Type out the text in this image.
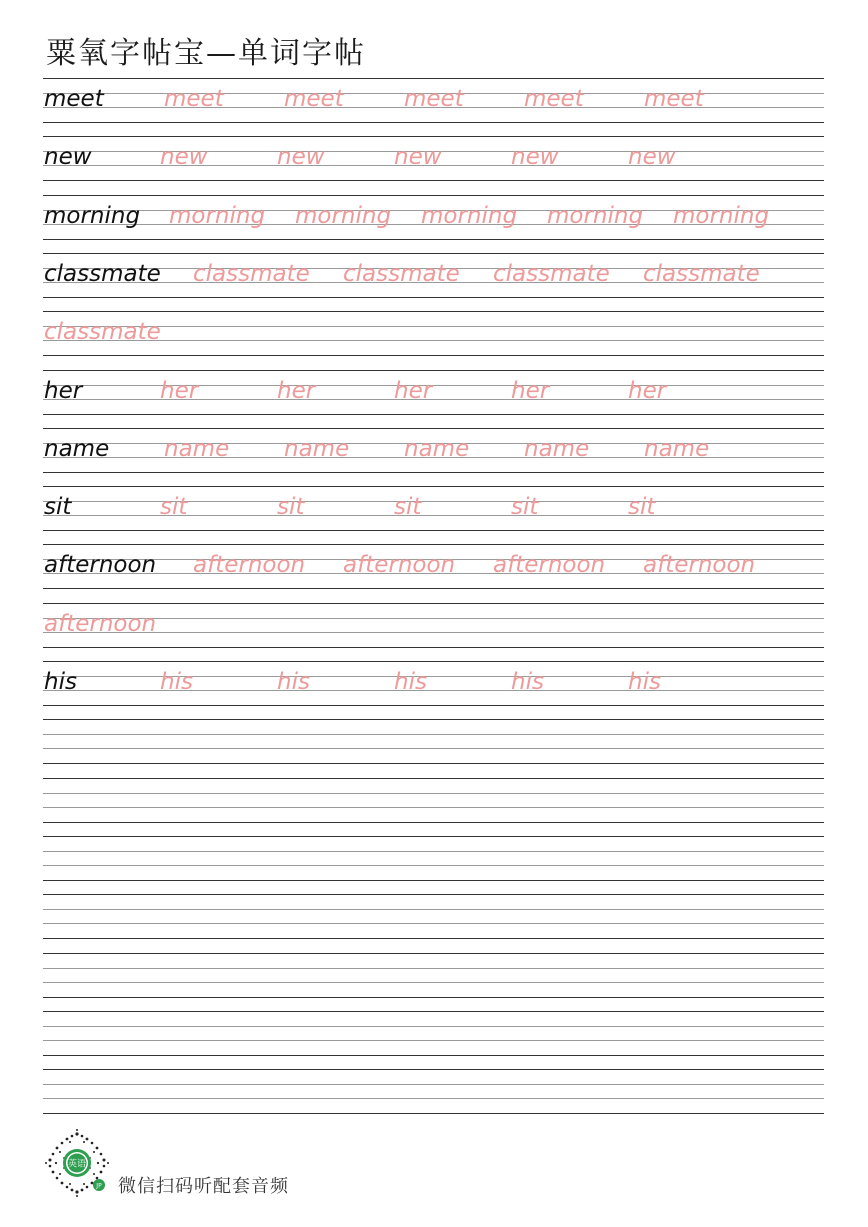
粟氧字帖宝—单词字帖
meet	meet	meet	meet	meet	meet
new	new	new	new	new	new
morning morning morning morning morning morning
classmate classmate classmate classmate classmate
classmate
her	her	her	her	her	her
name name name name name name
sit	sit	sit	sit	sit	sit
afternoon afternoon afternoon afternoon afternoon
afternoon
his	his	his	his	his	his
英语
JP 微信扫码听配套音频
